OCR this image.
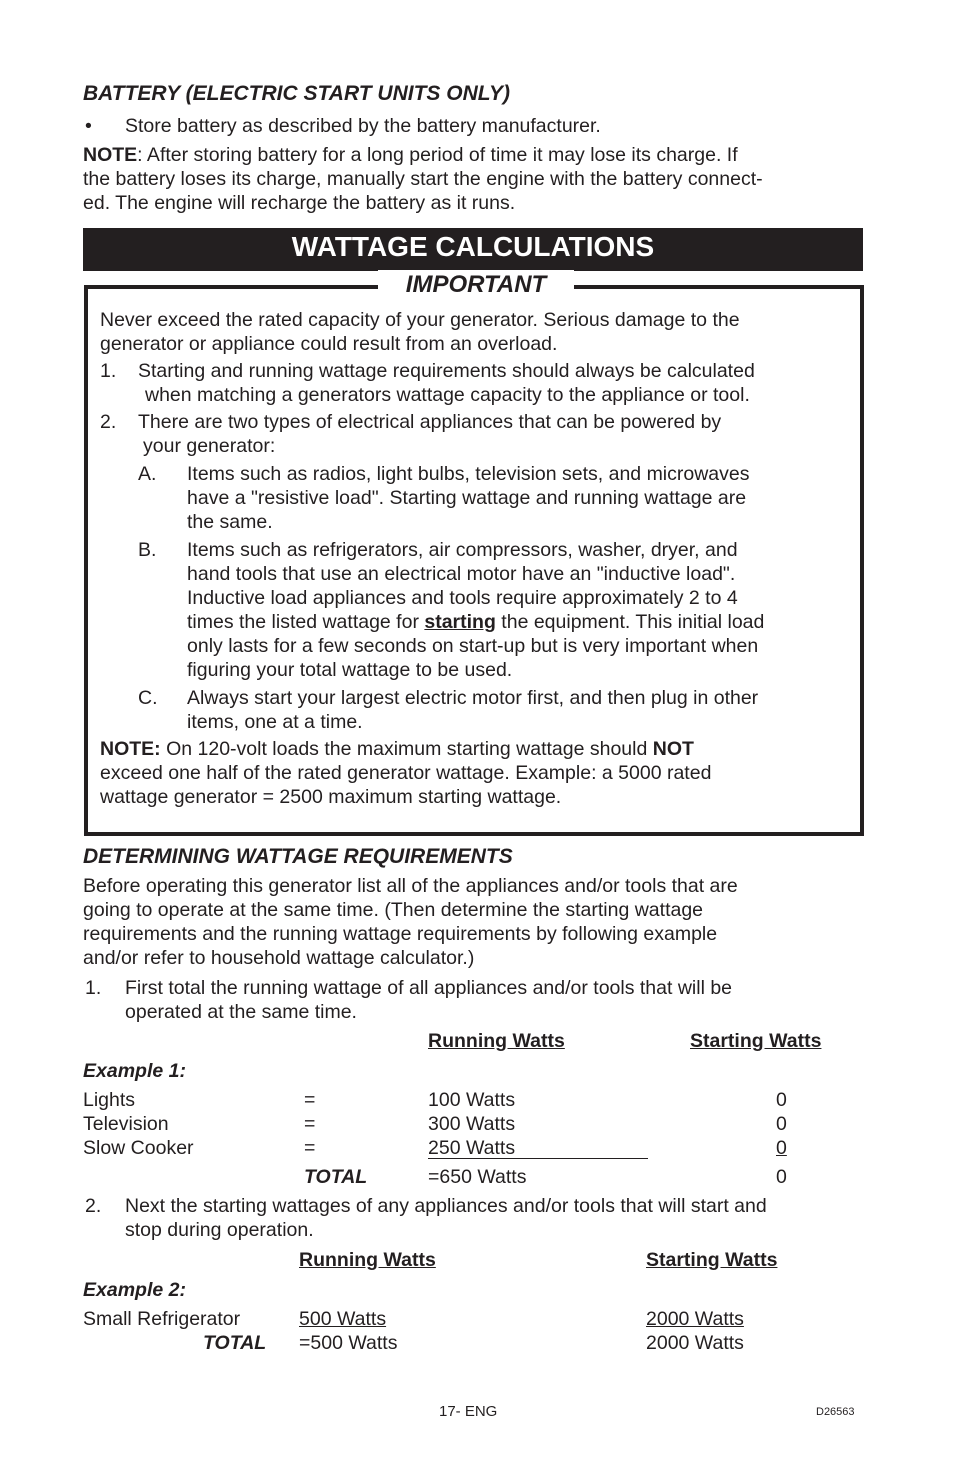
BATTERY (ELECTRIC START UNITS ONLY)
• Store battery as described by the battery manufacturer.
NOTE: After storing battery for a long period of time it may lose its charge. If
the battery loses its charge, manually start the engine with the battery connect-
ed. The engine will recharge the battery as it runs.
WATTAGE CALCULATIONS
IMPORTANT
Never exceed the rated capacity of your generator. Serious damage to the
generator or appliance could result from an overload.
1. Starting and running wattage requirements should always be calculated
when matching a generators wattage capacity to the appliance or tool.
2. There are two types of electrical appliances that can be powered by
your generator:
A. Items such as radios, light bulbs, television sets, and microwaves
have a "resistive load". Starting wattage and running wattage are
the same.
B. Items such as refrigerators, air compressors, washer, dryer, and
hand tools that use an electrical motor have an "inductive load".
Inductive load appliances and tools require approximately 2 to 4
times the listed wattage for starting the equipment. This initial load
only lasts for a few seconds on start-up but is very important when
figuring your total wattage to be used.
C. Always start your largest electric motor first, and then plug in other
items, one at a time.
NOTE: On 120-volt loads the maximum starting wattage should NOT
exceed one half of the rated generator wattage. Example: a 5000 rated
wattage generator = 2500 maximum starting wattage.
DETERMINING WATTAGE REQUIREMENTS
Before operating this generator list all of the appliances and/or tools that are
going to operate at the same time. (Then determine the starting wattage
requirements and the running wattage requirements by following example
and/or refer to household wattage calculator.)
1. First total the running wattage of all appliances and/or tools that will be
operated at the same time.
Running Watts	Starting Watts
Example 1:
Lights	=	100 Watts	0
Television	=	300 Watts	0
Slow Cooker	=	250 Watts	0
TOTAL	=650 Watts	0
2. Next the starting wattages of any appliances and/or tools that will start and
stop during operation.
Running Watts	Starting Watts
Example 2:
Small Refrigerator	500 Watts	2000 Watts
TOTAL =500 Watts	2000 Watts
17- ENG	D26563
